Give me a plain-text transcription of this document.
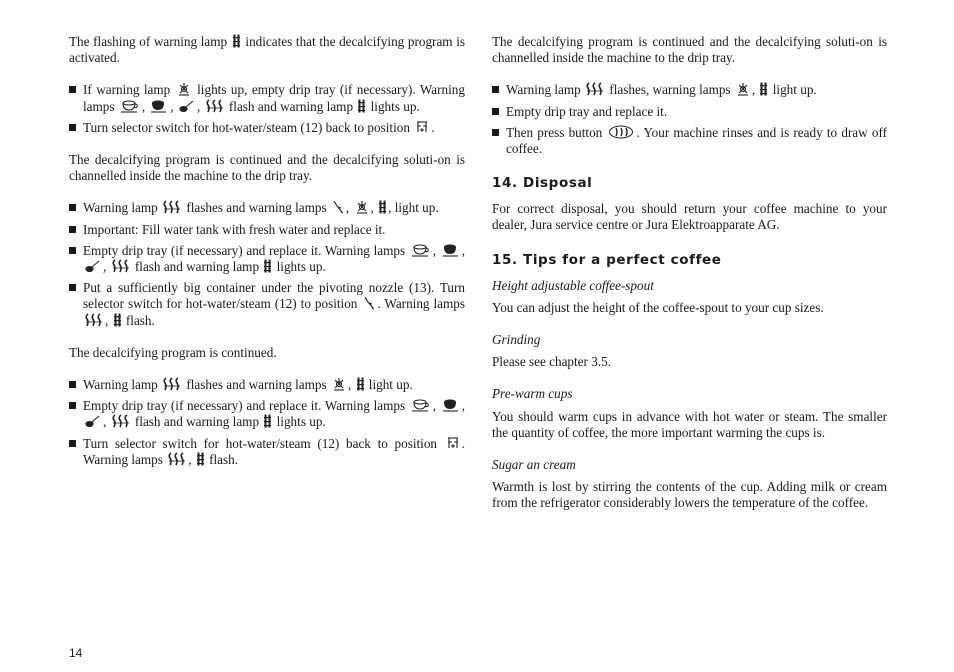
The flashing of warning lamp
indicates that the decalcifying program is activated.

If warning lamp
lights up, empty drip tray (if necessary). Warning lamps
,
,
,
flash and warning lamp
lights up.
Turn selector switch for hot-water/steam (12) back to position
.

The decalcifying program is continued and the decalcifying soluti-on is channelled inside the machine to the drip tray.

Warning lamp
flashes and warning lamps
,
,
, light up.
Important: Fill water tank with fresh water and replace it.
Empty drip tray (if necessary) and replace it. Warning lamps
,
,
,
flash and warning lamp
lights up.
Put a sufficiently big container under the pivoting nozzle (13). Turn selector switch for hot-water/steam (12) to position
. Warning lamps
,
flash.

The decalcifying program is continued.

Warning lamp
flashes and warning lamps
,
light up.
Empty drip tray (if necessary) and replace it. Warning lamps
,
,
,
flash and warning lamp
lights up.
Turn selector switch for hot-water/steam (12) back to position
. Warning lamps
,
flash.

The decalcifying program is continued and the decalcifying soluti-on is channelled inside the machine to the drip tray.

Warning lamp
flashes, warning lamps
,
light up.
Empty drip tray and replace it.
Then press button
. Your machine rinses and is ready to draw off coffee.
14. Disposal

For correct disposal, you should return your coffee machine to your dealer, Jura service centre or Jura Elektroapparate AG.

15. Tips for a perfect coffee

Height adjustable coffee-spout

You can adjust the height of the coffee-spout to your cup sizes.

Grinding

Please see chapter 3.5.

Pre-warm cups

You should warm cups in advance with hot water or steam. The smaller the quantity of coffee, the more important warming the cups is.

Sugar an cream

Warmth is lost by stirring the contents of the cup. Adding milk or cream from the refrigerator considerably lowers the temperature of the coffee.

14
